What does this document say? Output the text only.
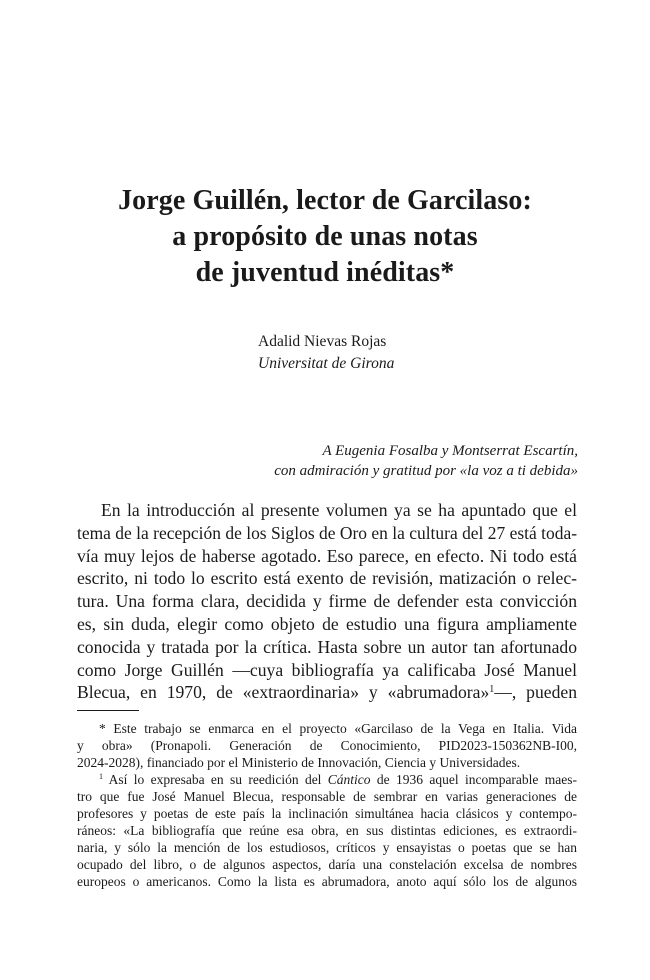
Jorge Guillén, lector de Garcilaso:
a propósito de unas notas
de juventud inéditas*
Adalid Nievas Rojas
Universitat de Girona
A Eugenia Fosalba y Montserrat Escartín,
con admiración y gratitud por «la voz a ti debida»
En la introducción al presente volumen ya se ha apuntado que el
tema de la recepción de los Siglos de Oro en la cultura del 27 está toda-
vía muy lejos de haberse agotado. Eso parece, en efecto. Ni todo está
escrito, ni todo lo escrito está exento de revisión, matización o relec-
tura. Una forma clara, decidida y firme de defender esta convicción
es, sin duda, elegir como objeto de estudio una figura ampliamente
conocida y tratada por la crítica. Hasta sobre un autor tan afortunado
como Jorge Guillén —cuya bibliografía ya calificaba José Manuel
Blecua, en 1970, de «extraordinaria» y «abrumadora»$^1$—, pueden
* Este trabajo se enmarca en el proyecto «Garcilaso de la Vega en Italia. Vida
y obra» (Pronapoli. Generación de Conocimiento, PID2023-150362NB-I00,
2024-2028), financiado por el Ministerio de Innovación, Ciencia y Universidades.
$^1$ Así lo expresaba en su reedición del Cántico de 1936 aquel incomparable maes-
tro que fue José Manuel Blecua, responsable de sembrar en varias generaciones de
profesores y poetas de este país la inclinación simultánea hacia clásicos y contempo-
ráneos: «La bibliografía que reúne esa obra, en sus distintas ediciones, es extraordi-
naria, y sólo la mención de los estudiosos, críticos y ensayistas o poetas que se han
ocupado del libro, o de algunos aspectos, daría una constelación excelsa de nombres
europeos o americanos. Como la lista es abrumadora, anoto aquí sólo los de algunos
